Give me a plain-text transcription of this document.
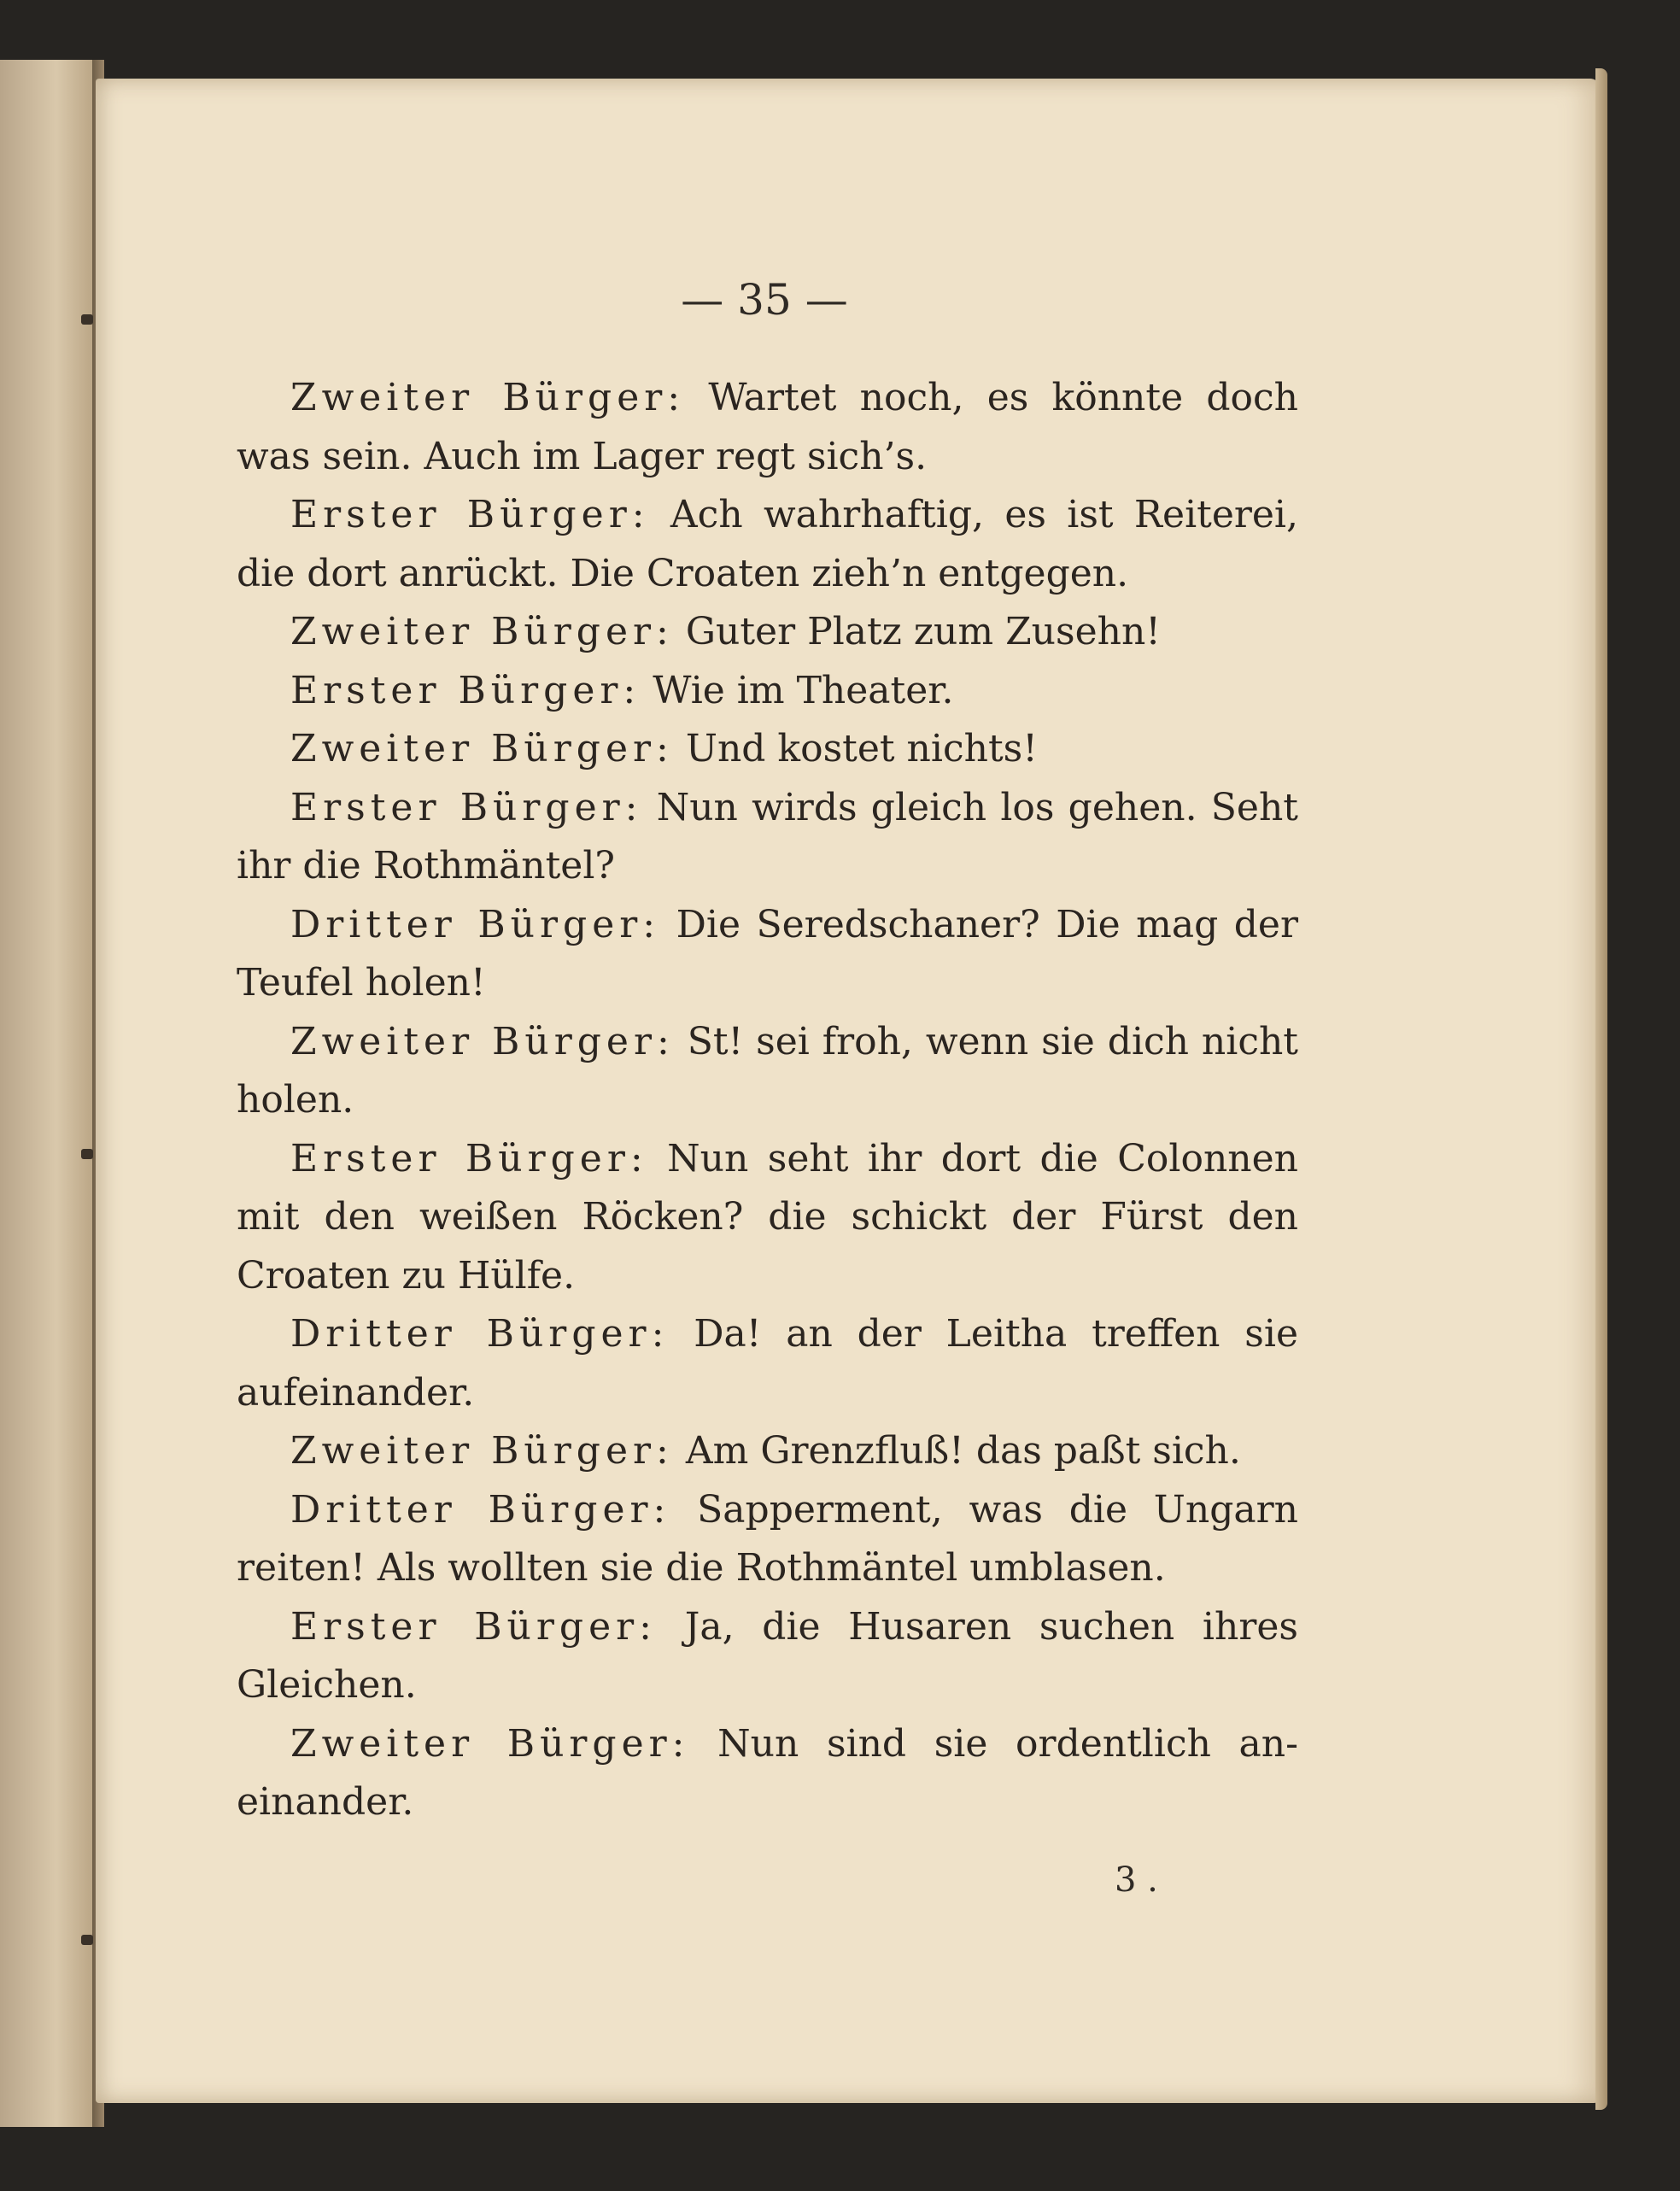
— 35 —

Zweiter Bürger: Wartet noch, es könnte doch was sein. Auch im Lager regt sich’s.

Erster Bürger: Ach wahrhaftig, es ist Reiterei, die dort anrückt. Die Croaten zieh’n entgegen.

Zweiter Bürger: Guter Platz zum Zusehn!

Erster Bürger: Wie im Theater.

Zweiter Bürger: Und kostet nichts!

Erster Bürger: Nun wirds gleich los gehen. Seht ihr die Rothmäntel?

Dritter Bürger: Die Seredschaner? Die mag der Teufel holen!

Zweiter Bürger: St! sei froh, wenn sie dich nicht holen.

Erster Bürger: Nun seht ihr dort die Colonnen mit den weißen Röcken? die schickt der Fürst den Croaten zu Hülfe.

Dritter Bürger: Da! an der Leitha treffen sie aufeinander.

Zweiter Bürger: Am Grenzfluß! das paßt sich.

Dritter Bürger: Sapperment, was die Ungarn reiten! Als wollten sie die Rothmäntel umblasen.

Erster Bürger: Ja, die Husaren suchen ihres Gleichen.

Zweiter Bürger: Nun sind sie ordentlich an- einander.

3 .
